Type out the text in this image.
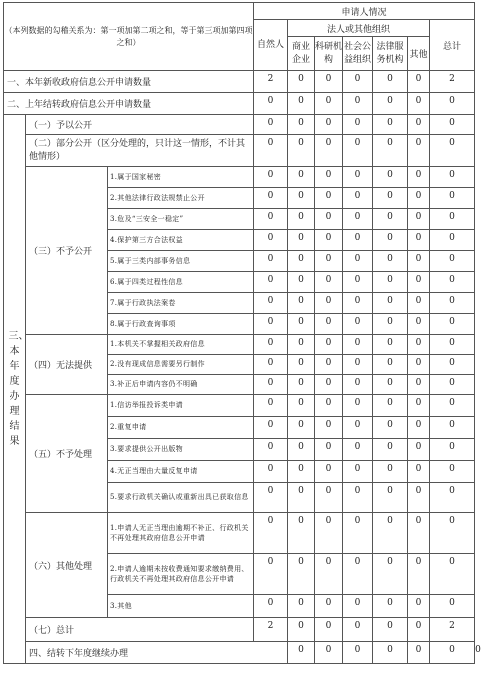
（本列数据的勾稽关系为：第一项加第二项之和，等于第三项加第四项之和）			申请人情况							
			自然人	法人或其他组织					总计	
				商业企业	科研机构	社会公益组织	法律服务机构	其他		
一、本年新收政府信息公开申请数量			2	0	0	0	0	0	2	
二、上年结转政府信息公开申请数量			0	0	0	0	0	0	0	

三、本年度办理结果	（一）予以公开		0	0	0	0	0	0	0	
	（二）部分公开（区分处理的，只计这一情形，不计其他情形）		0	0	0	0	0	0	0	
	（三）不予公开	1.属于国家秘密	0	0	0	0	0	0	0	
		2.其他法律行政法规禁止公开	0	0	0	0	0	0	0	
		3.危及“三安全一稳定”	0	0	0	0	0	0	0	
		4.保护第三方合法权益	0	0	0	0	0	0	0	
		5.属于三类内部事务信息	0	0	0	0	0	0	0	
		6.属于四类过程性信息	0	0	0	0	0	0	0	
		7.属于行政执法案卷	0	0	0	0	0	0	0	
		8.属于行政查询事项	0	0	0	0	0	0	0	
	（四）无法提供	1.本机关不掌握相关政府信息	0	0	0	0	0	0	0	
		2.没有现成信息需要另行制作	0	0	0	0	0	0	0	
		3.补正后申请内容仍不明确	0	0	0	0	0	0	0	
	（五）不予处理	1.信访举报投诉类申请	0	0	0	0	0	0	0	
		2.重复申请	0	0	0	0	0	0	0	
		3.要求提供公开出版物	0	0	0	0	0	0	0	
		4.无正当理由大量反复申请	0	0	0	0	0	0	0	
		5.要求行政机关确认或重新出具已获取信息	0	0	0	0	0	0	0	
	（六）其他处理	1.申请人无正当理由逾期不补正、行政机关不再处理其政府信息公开申请	0	0	0	0	0	0	0	
		2.申请人逾期未按收费通知要求缴纳费用、行政机关不再处理其政府信息公开申请	0	0	0	0	0	0	0	
		3.其他	0	0	0	0	0	0	0	
	（七）总计		2	0	0	0	0	0	2	
	四、结转下年度继续办理			0	0	0	0	0	0	0
